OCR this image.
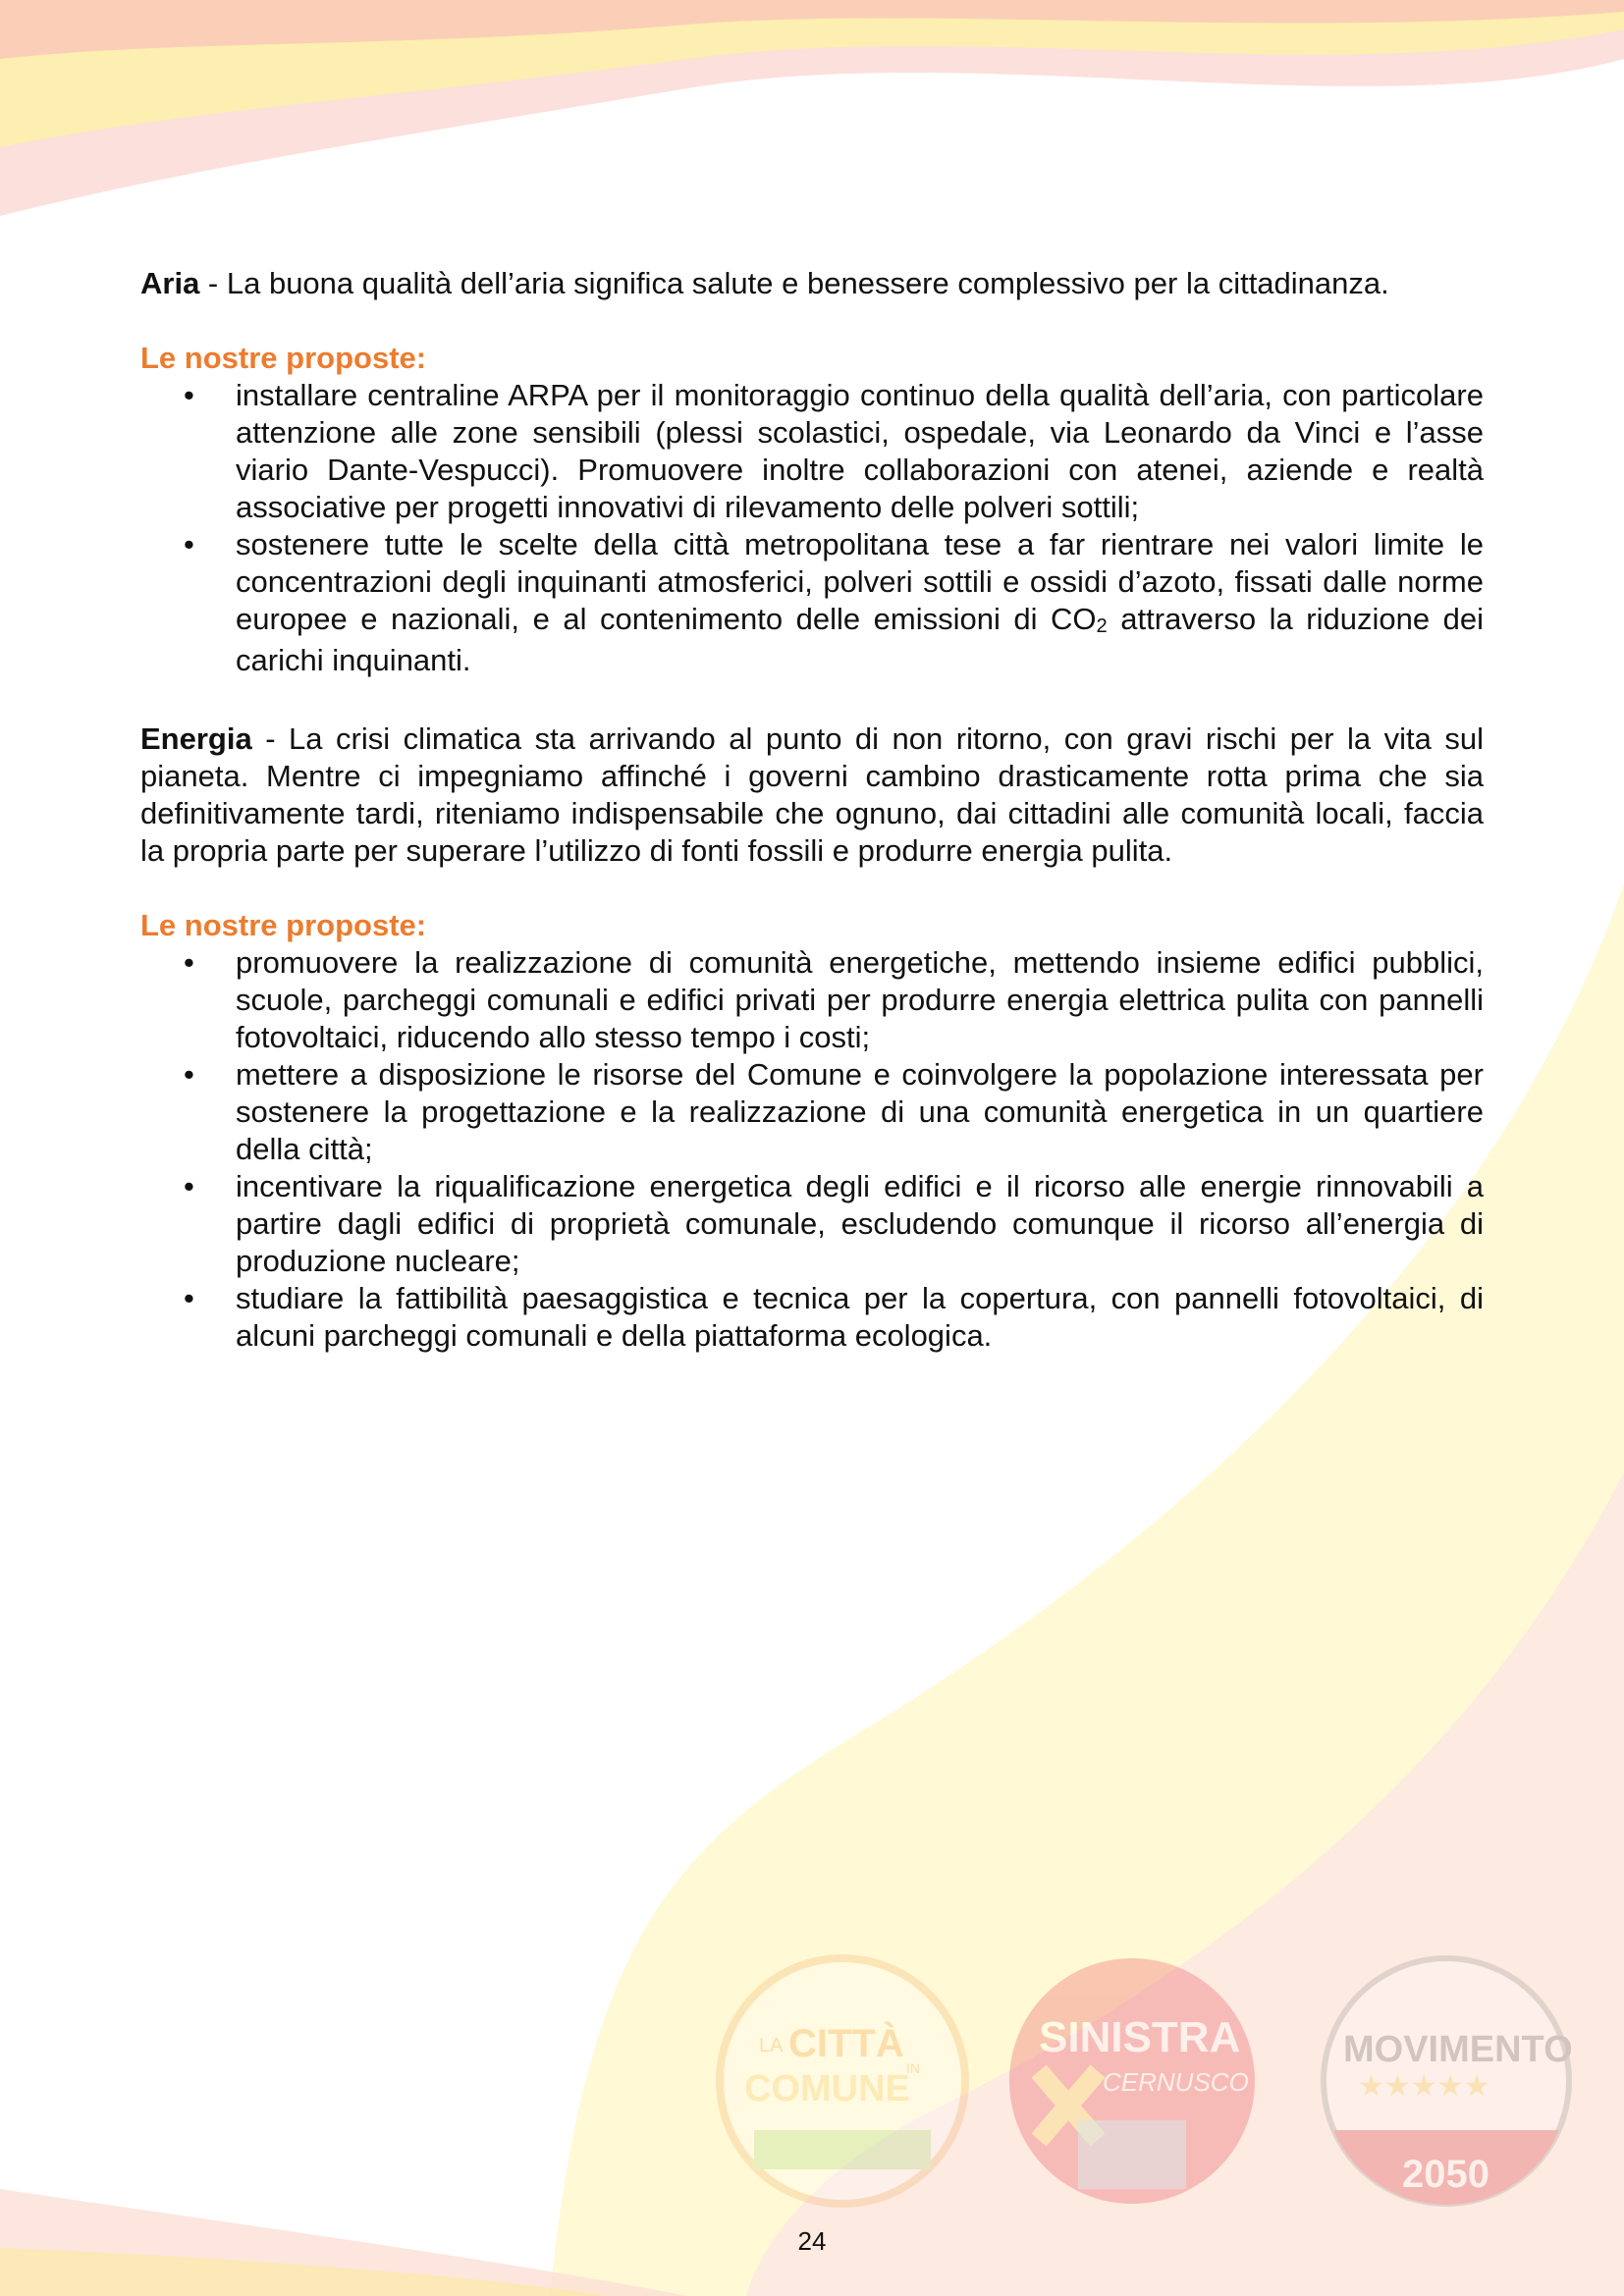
LA CITTÀ
IN
COMUNE
SINISTRA
CERNUSCO
MOVIMENTO
★★★★★
2050

Aria - La buona qualità dell’aria significa salute e benessere complessivo per la cittadinanza.

Le nostre proposte:

• installare centraline ARPA per il monitoraggio continuo della qualità dell’aria, con particolare attenzione alle zone sensibili (plessi scolastici, ospedale, via Leonardo da Vinci e l’asse viario Dante-Vespucci). Promuovere inoltre collaborazioni con atenei, aziende e realtà associative per progetti innovativi di rilevamento delle polveri sottili;
• sostenere tutte le scelte della città metropolitana tese a far rientrare nei valori limite le concentrazioni degli inquinanti atmosferici, polveri sottili e ossidi d’azoto, fissati dalle norme europee e nazionali, e al contenimento delle emissioni di $CO_2$ attraverso la riduzione dei carichi inquinanti.

Energia - La crisi climatica sta arrivando al punto di non ritorno, con gravi rischi per la vita sul pianeta. Mentre ci impegniamo affinché i governi cambino drasticamente rotta prima che sia definitivamente tardi, riteniamo indispensabile che ognuno, dai cittadini alle comunità locali, faccia la propria parte per superare l’utilizzo di fonti fossili e produrre energia pulita.

Le nostre proposte:

• promuovere la realizzazione di comunità energetiche, mettendo insieme edifici pubblici, scuole, parcheggi comunali e edifici privati per produrre energia elettrica pulita con pannelli fotovoltaici, riducendo allo stesso tempo i costi;
• mettere a disposizione le risorse del Comune e coinvolgere la popolazione interessata per sostenere la progettazione e la realizzazione di una comunità energetica in un quartiere della città;
• incentivare la riqualificazione energetica degli edifici e il ricorso alle energie rinnovabili a partire dagli edifici di proprietà comunale, escludendo comunque il ricorso all’energia di produzione nucleare;
• studiare la fattibilità paesaggistica e tecnica per la copertura, con pannelli fotovoltaici, di alcuni parcheggi comunali e della piattaforma ecologica.
24
